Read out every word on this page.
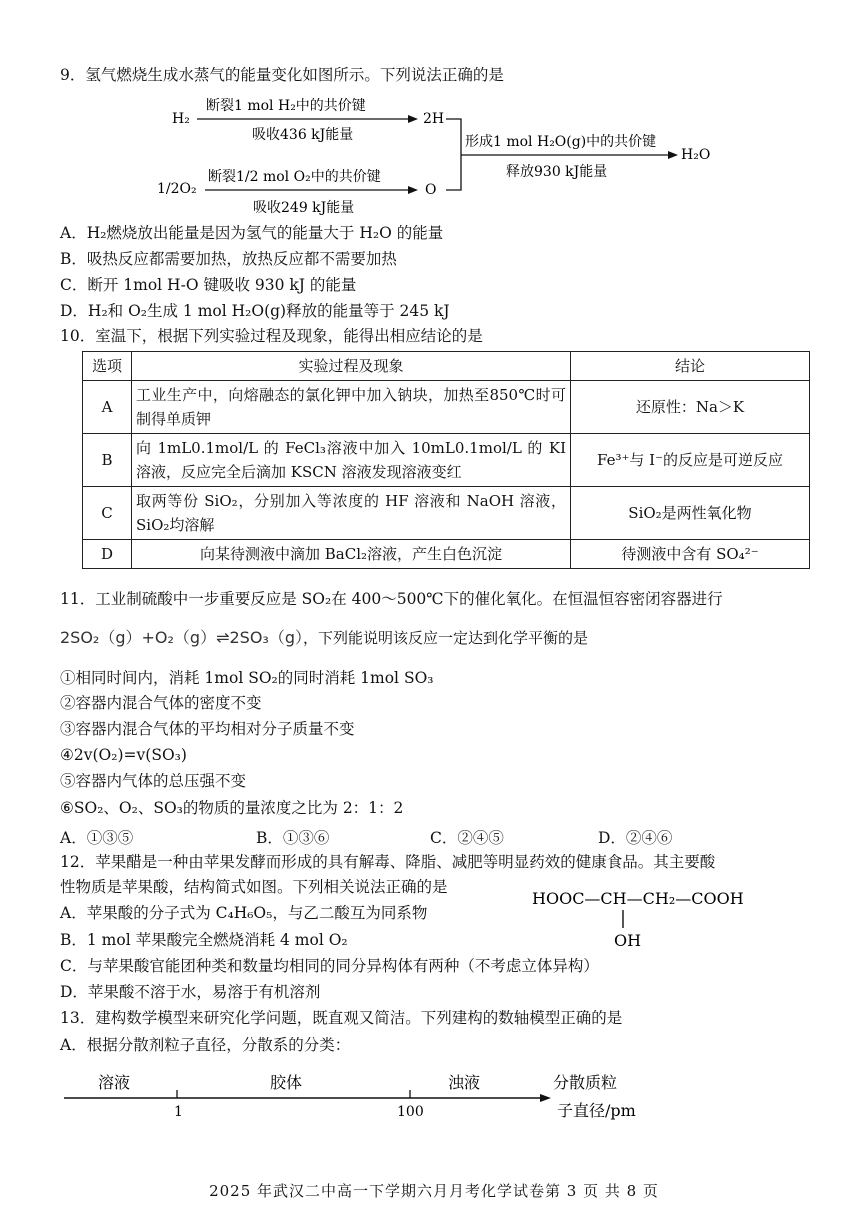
9．氢气燃烧生成水蒸气的能量变化如图所示。下列说法正确的是
H₂
断裂1 mol H₂中的共价键
吸收436 kJ能量
2H
1/2O₂
断裂1/2 mol O₂中的共价键
吸收249 kJ能量
O
形成1 mol H₂O(g)中的共价键
释放930 kJ能量
H₂O
A．H₂燃烧放出能量是因为氢气的能量大于 H₂O 的能量
B．吸热反应都需要加热，放热反应都不需要加热
C．断开 1mol H-O 键吸收 930 kJ 的能量
D．H₂和 O₂生成 1 mol H₂O(g)释放的能量等于 245 kJ
10．室温下，根据下列实验过程及现象，能得出相应结论的是
选项	实验过程及现象	结论
A	工业生产中，向熔融态的氯化钾中加入钠块，加热至850℃时可制得单质钾	还原性：Na＞K
B	向 1mL0.1mol/L 的 FeCl₃溶液中加入 10mL0.1mol/L 的 KI 溶液，反应完全后滴加 KSCN 溶液发现溶液变红	Fe³⁺与 I⁻的反应是可逆反应
C	取两等份 SiO₂，分别加入等浓度的 HF 溶液和 NaOH 溶液，SiO₂均溶解	SiO₂是两性氧化物
D	向某待测液中滴加 BaCl₂溶液，产生白色沉淀	待测液中含有 SO₄²⁻
11．工业制硫酸中一步重要反应是 SO₂在 400～500℃下的催化氧化。在恒温恒容密闭容器进行
2SO₂（g）+O₂（g）⇌2SO₃（g），下列能说明该反应一定达到化学平衡的是
①相同时间内，消耗 1mol SO₂的同时消耗 1mol SO₃
②容器内混合气体的密度不变
③容器内混合气体的平均相对分子质量不变
④2v(O₂)=v(SO₃)
⑤容器内气体的总压强不变
⑥SO₂、O₂、SO₃的物质的量浓度之比为 2：1：2
A．①③⑤	B．①③⑥	C．②④⑤	D．②④⑥
12．苹果醋是一种由苹果发酵而形成的具有解毒、降脂、减肥等明显药效的健康食品。其主要酸
性物质是苹果酸，结构简式如图。下列相关说法正确的是
HOOC—CH—CH₂—COOH
OH
A．苹果酸的分子式为 C₄H₆O₅，与乙二酸互为同系物
B．1 mol 苹果酸完全燃烧消耗 4 mol O₂
C．与苹果酸官能团种类和数量均相同的同分异构体有两种（不考虑立体异构）
D．苹果酸不溶于水，易溶于有机溶剂
13．建构数学模型来研究化学问题，既直观又简洁。下列建构的数轴模型正确的是
A．根据分散剂粒子直径，分散系的分类：
溶液	胶体	浊液
1	100
分散质粒
子直径/pm
2025 年武汉二中高一下学期六月月考化学试卷第 3 页 共 8 页
